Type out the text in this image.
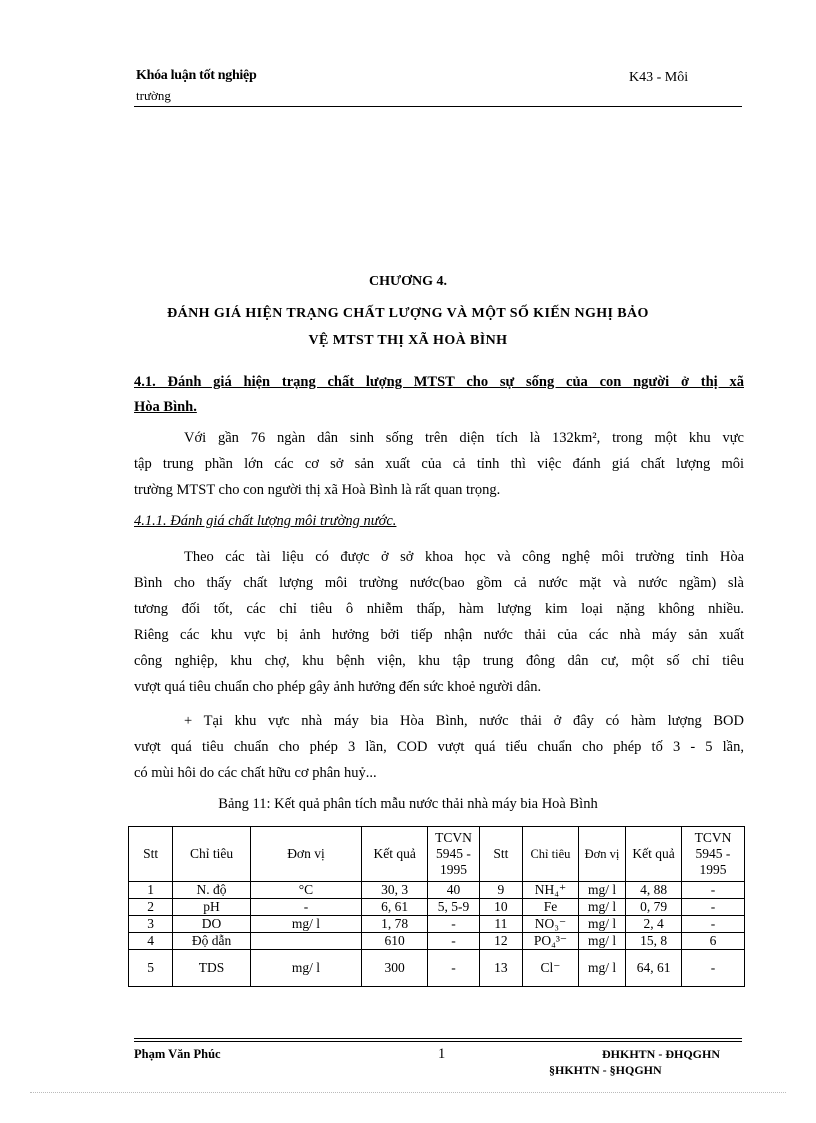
Khóa luận tốt nghiệp
trường
K43 - Môi
CHƯƠNG 4.
ĐÁNH GIÁ HIỆN TRẠNG CHẤT LƯỢNG VÀ MỘT SỐ KIẾN NGHỊ BẢO
VỆ MTST THỊ XÃ HOÀ BÌNH
4.1. Đánh giá hiện trạng chất lượng MTST cho sự sống của con người ở thị xã
Hòa Bình.
Với gần 76 ngàn dân sinh sống trên diện tích là 132km², trong một khu vực
tập trung phần lớn các cơ sở sản xuất của cả tỉnh thì việc đánh giá chất lượng môi
trường MTST cho con người thị xã Hoà Bình là rất quan trọng.
4.1.1. Đánh giá chất lượng môi trường nước.
Theo các tài liệu có được ở sở khoa học và công nghệ môi trường tỉnh Hòa
Bình cho thấy chất lượng môi trường nước(bao gồm cả nước mặt và nước ngầm) slà
tương đối tốt, các chỉ tiêu ô nhiễm thấp, hàm lượng kim loại nặng không nhiều.
Riêng các khu vực bị ảnh hưởng bởi tiếp nhận nước thải của các nhà máy sản xuất
công nghiệp, khu chợ, khu bệnh viện, khu tập trung đông dân cư, một số chỉ tiêu
vượt quá tiêu chuẩn cho phép gây ảnh hưởng đến sức khoẻ người dân.
+ Tại khu vực nhà máy bia Hòa Bình, nước thải ở đây có hàm lượng BOD
vượt quá tiêu chuẩn cho phép 3 lần, COD vượt quá tiểu chuẩn cho phép tố 3 - 5 lần,
có mùi hôi do các chất hữu cơ phân huỷ...
Bảng 11: Kết quả phân tích mẫu nước thải nhà máy bia Hoà Bình
Stt	Chỉ tiêu	Đơn vị	Kết quả	TCVN 5945 - 1995	Stt	Chỉ tiêu	Đơn vị	Kết quả	TCVN 5945 - 1995
1	N. độ	°C	30, 3	40	9	NH₄⁺	mg/ l	4, 88	-
2	pH	-	6, 61	5, 5-9	10	Fe	mg/ l	0, 79	-
3	DO	mg/ l	1, 78	-	11	NO₃⁻	mg/ l	2, 4	-
4	Độ dẫn		610	-	12	PO₄³⁻	mg/ l	15, 8	6
5	TDS	mg/ l	300	-	13	Cl⁻	mg/ l	64, 61	-
Phạm Văn Phúc	1	ĐHKHTN - ĐHQGHN
§HKHTN - §HQGHN
